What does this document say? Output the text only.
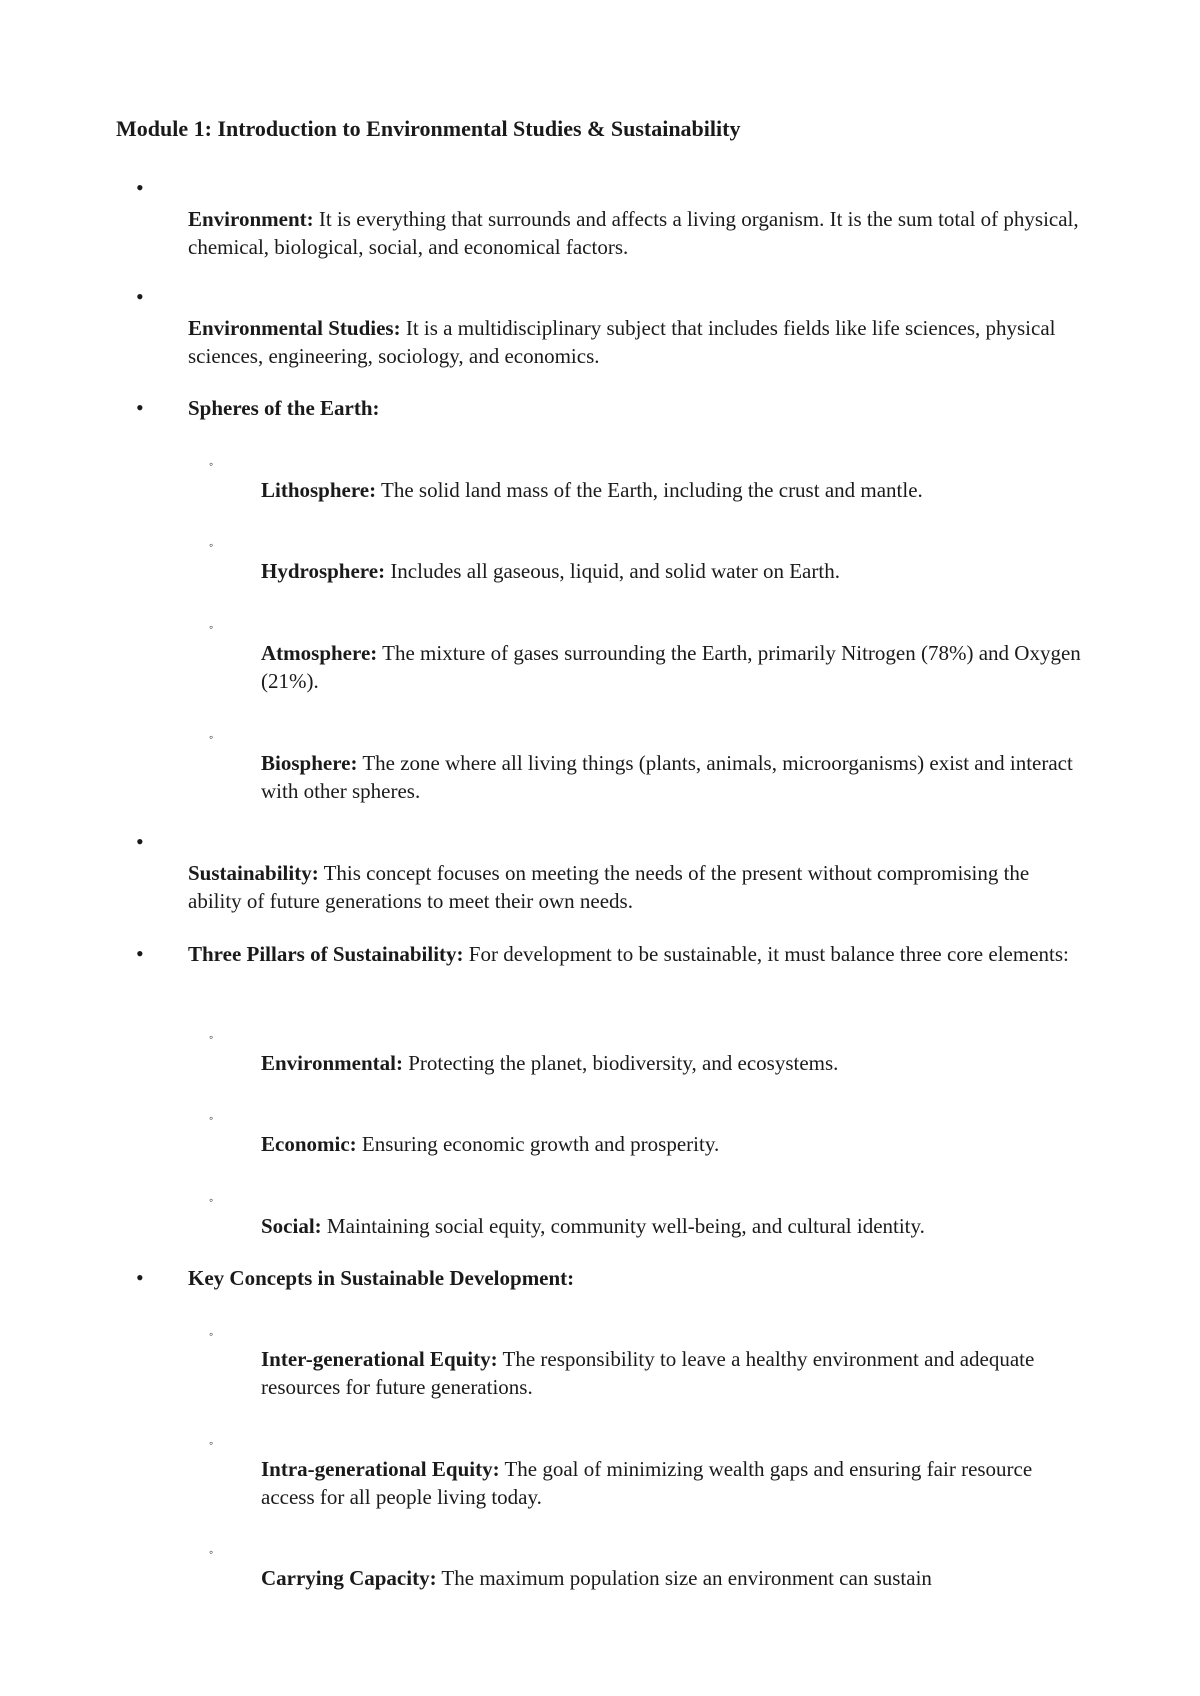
Module 1: Introduction to Environmental Studies & Sustainability
•
Environment: It is everything that surrounds and affects a living organism. It is the sum total of physical, chemical, biological, social, and economical factors.
•
Environmental Studies: It is a multidisciplinary subject that includes fields like life sciences, physical sciences, engineering, sociology, and economics.
• Spheres of the Earth:
◦
Lithosphere: The solid land mass of the Earth, including the crust and mantle.
◦
Hydrosphere: Includes all gaseous, liquid, and solid water on Earth.
◦
Atmosphere: The mixture of gases surrounding the Earth, primarily Nitrogen (78%) and Oxygen (21%).
◦
Biosphere: The zone where all living things (plants, animals, microorganisms) exist and interact with other spheres.
•
Sustainability: This concept focuses on meeting the needs of the present without compromising the ability of future generations to meet their own needs.
• Three Pillars of Sustainability: For development to be sustainable, it must balance three core elements:
◦
Environmental: Protecting the planet, biodiversity, and ecosystems.
◦
Economic: Ensuring economic growth and prosperity.
◦
Social: Maintaining social equity, community well-being, and cultural identity.
• Key Concepts in Sustainable Development:
◦
Inter-generational Equity: The responsibility to leave a healthy environment and adequate resources for future generations.
◦
Intra-generational Equity: The goal of minimizing wealth gaps and ensuring fair resource access for all people living today.
◦
Carrying Capacity: The maximum population size an environment can sustain
